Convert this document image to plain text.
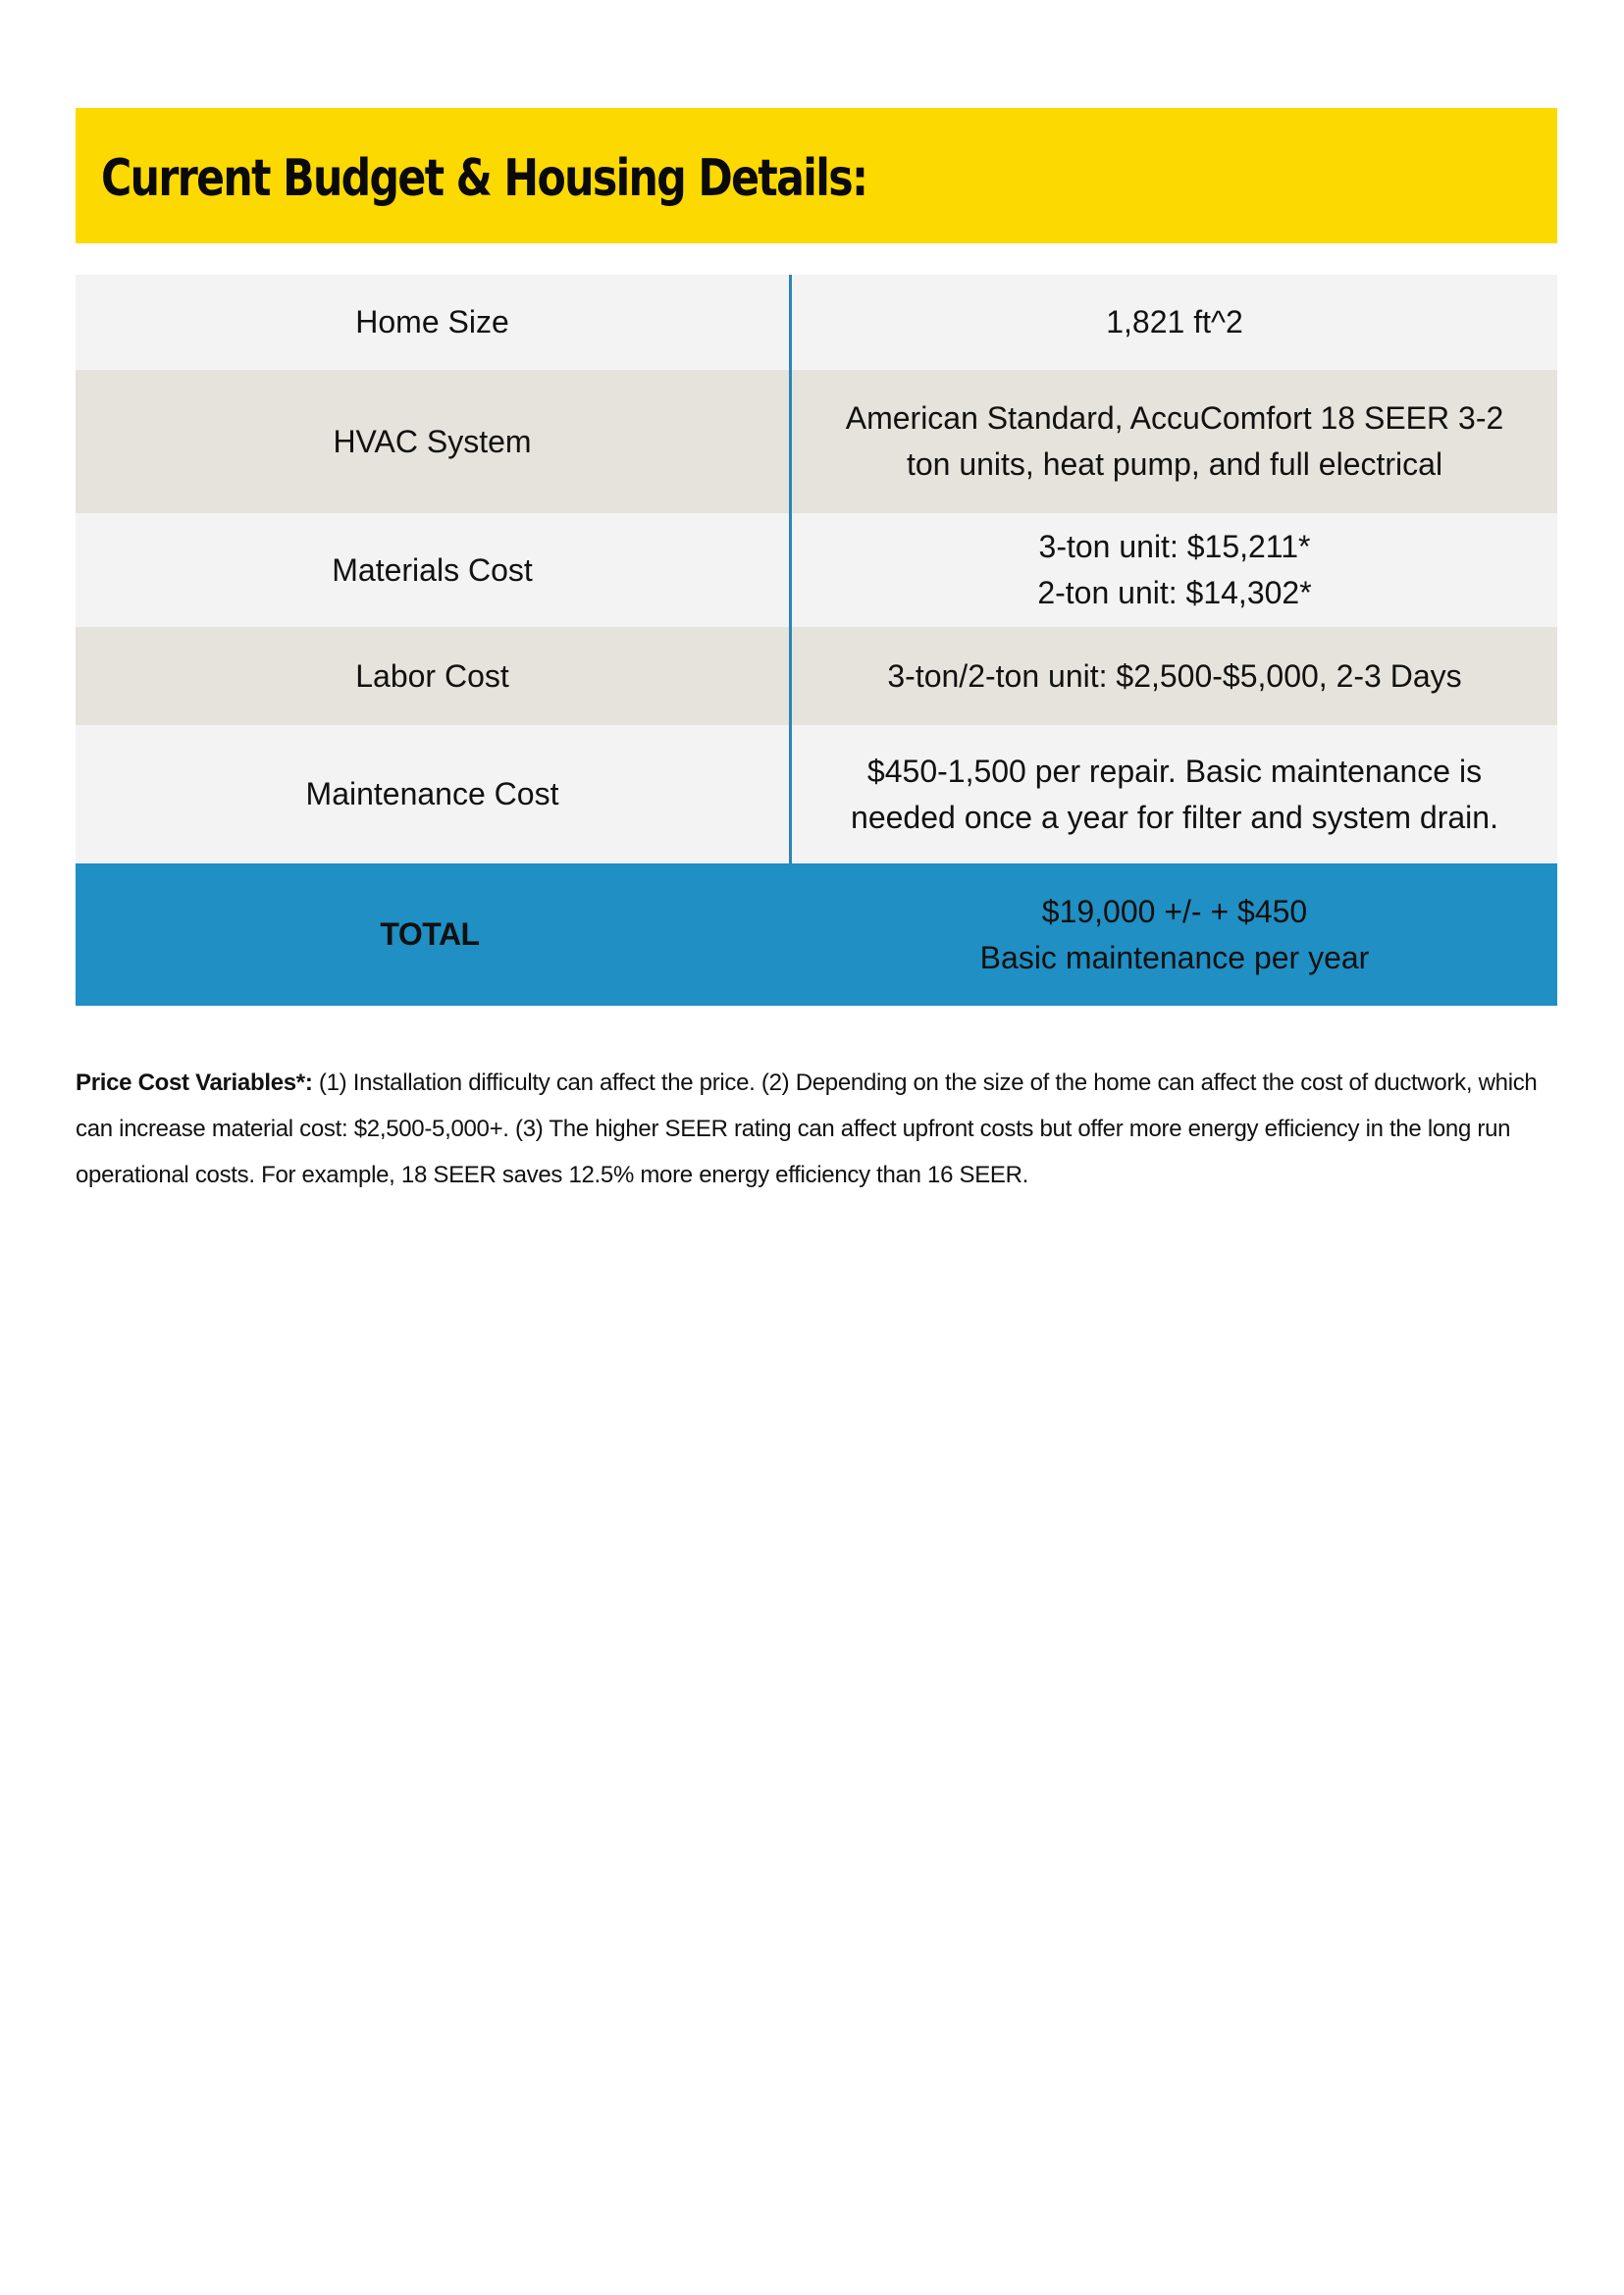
Current Budget & Housing Details:
Home Size	1,821 ft^2
HVAC System
American Standard, AccuComfort 18 SEER 3-2
ton units, heat pump, and full electrical
Materials Cost
3-ton unit: $15,211*
2-ton unit: $14,302*
Labor Cost	3-ton/2-ton unit: $2,500-$5,000, 2-3 Days
Maintenance Cost
$450-1,500 per repair. Basic maintenance is
needed once a year for filter and system drain.
TOTAL
$19,000 +/- + $450
Basic maintenance per year

Price Cost Variables*: (1) Installation difficulty can affect the price. (2) Depending on the size of the home can affect the cost of ductwork, which can increase material cost: $2,500-5,000+. (3) The higher SEER rating can affect upfront costs but offer more energy efficiency in the long run operational costs. For example, 18 SEER saves 12.5% more energy efficiency than 16 SEER.
